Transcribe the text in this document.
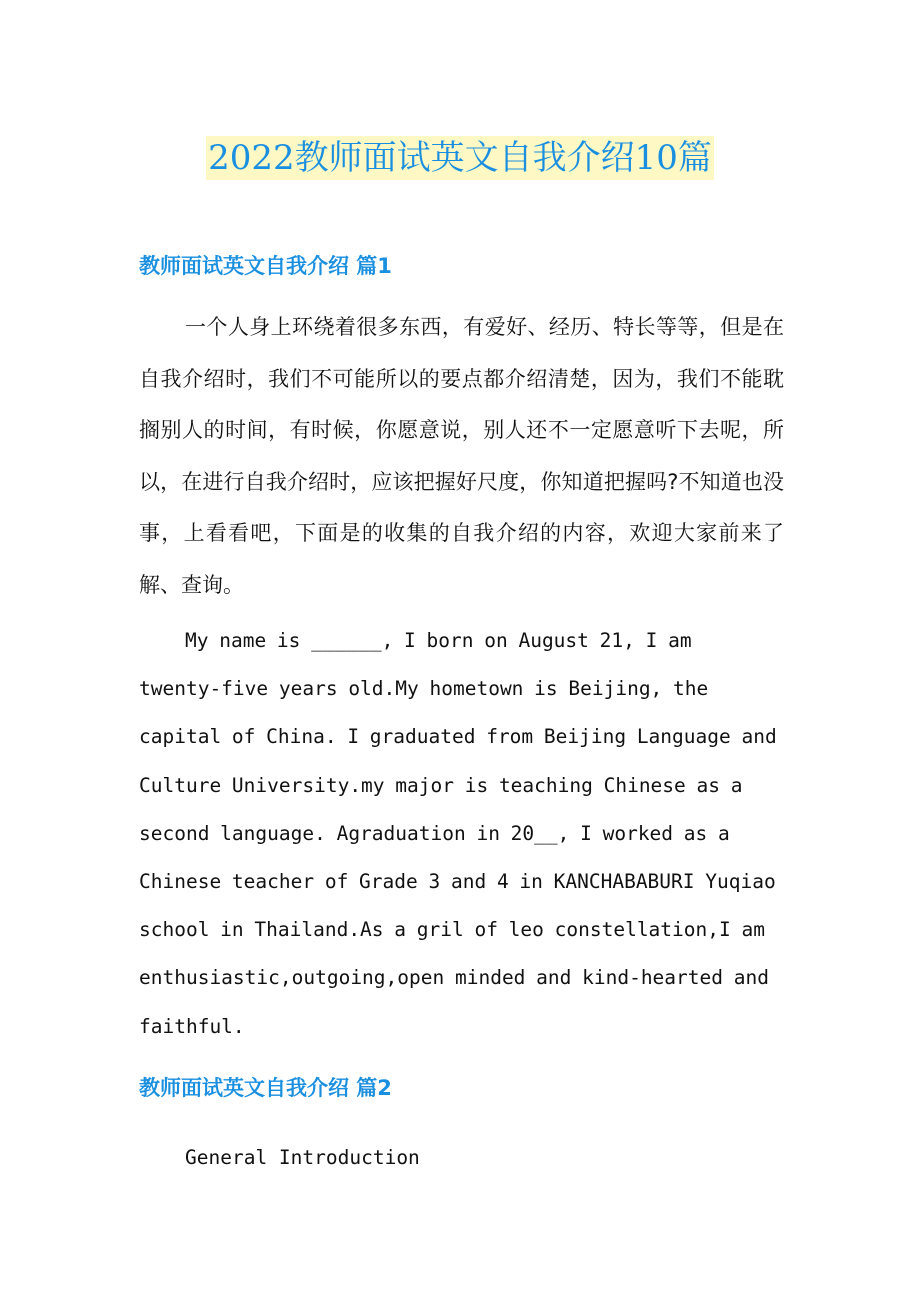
2022教师面试英文自我介绍10篇
教师面试英文自我介绍 篇1

一个人身上环绕着很多东西，有爱好、经历、特长等等，但是在自我介绍时，我们不可能所以的要点都介绍清楚，因为，我们不能耽搁别人的时间，有时候，你愿意说，别人还不一定愿意听下去呢，所以，在进行自我介绍时，应该把握好尺度，你知道把握吗?不知道也没事，上看看吧，下面是的收集的自我介绍的内容，欢迎大家前来了解、查询。

My name is ______, I born on August 21, I am twenty-five years old.My hometown is Beijing, the capital of China. I graduated from Beijing Language and Culture University.my major is teaching Chinese as a second language. Agraduation in 20__, I worked as a Chinese teacher of Grade 3 and 4 in KANCHABABURI Yuqiao school in Thailand.As a gril of leo constellation,I am enthusiastic,outgoing,open minded and kind-hearted and faithful.

教师面试英文自我介绍 篇2

General Introduction
